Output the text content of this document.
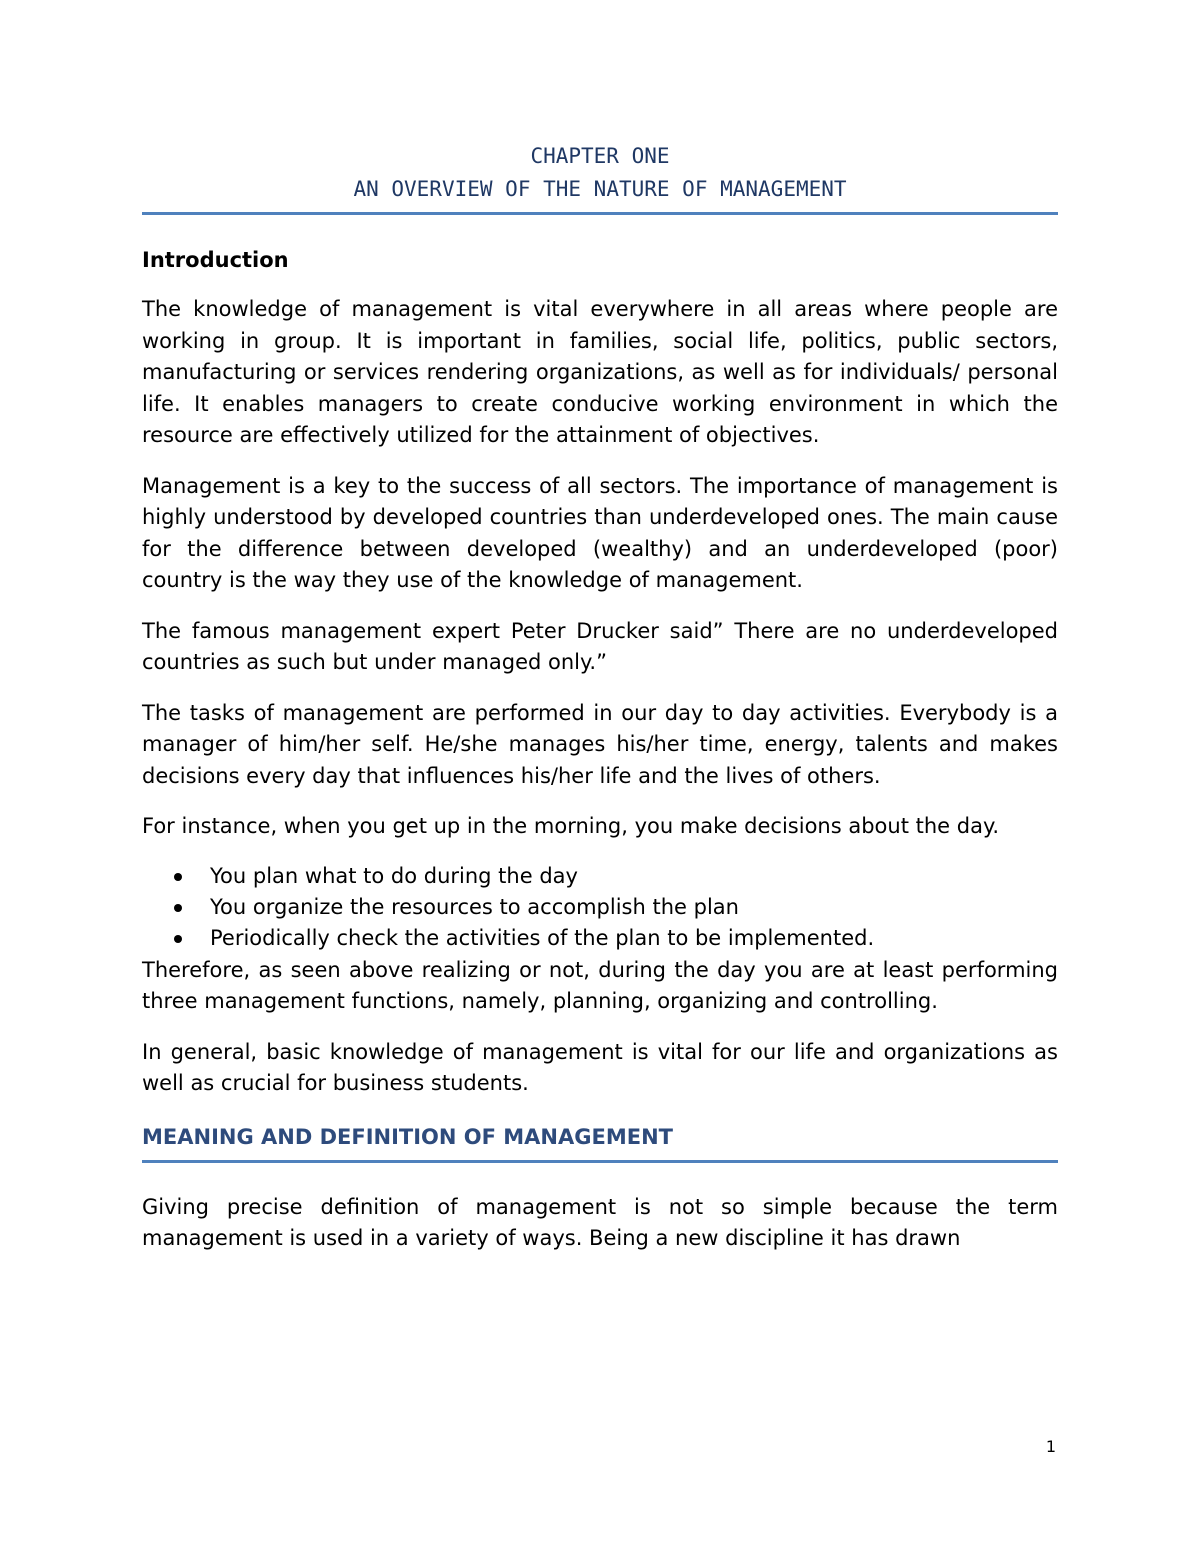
CHAPTER ONE
AN OVERVIEW OF THE NATURE OF MANAGEMENT
Introduction

The knowledge of management is vital everywhere in all areas where people are working in group. It is important in families, social life, politics, public sectors, manufacturing or services rendering organizations, as well as for individuals/ personal life. It enables managers to create conducive working environment in which the resource are effectively utilized for the attainment of objectives.

Management is a key to the success of all sectors. The importance of management is highly understood by developed countries than underdeveloped ones. The main cause for the difference between developed (wealthy) and an underdeveloped (poor) country is the way they use of the knowledge of management.

The famous management expert Peter Drucker said” There are no underdeveloped countries as such but under managed only.”

The tasks of management are performed in our day to day activities. Everybody is a manager of him/her self. He/she manages his/her time, energy, talents and makes decisions every day that influences his/her life and the lives of others.

For instance, when you get up in the morning, you make decisions about the day.

You plan what to do during the day
You organize the resources to accomplish the plan
Periodically check the activities of the plan to be implemented.

Therefore, as seen above realizing or not, during the day you are at least performing three management functions, namely, planning, organizing and controlling.

In general, basic knowledge of management is vital for our life and organizations as well as crucial for business students.

MEANING AND DEFINITION OF MANAGEMENT

Giving precise definition of management is not so simple because the term management is used in a variety of ways. Being a new discipline it has drawn

1
